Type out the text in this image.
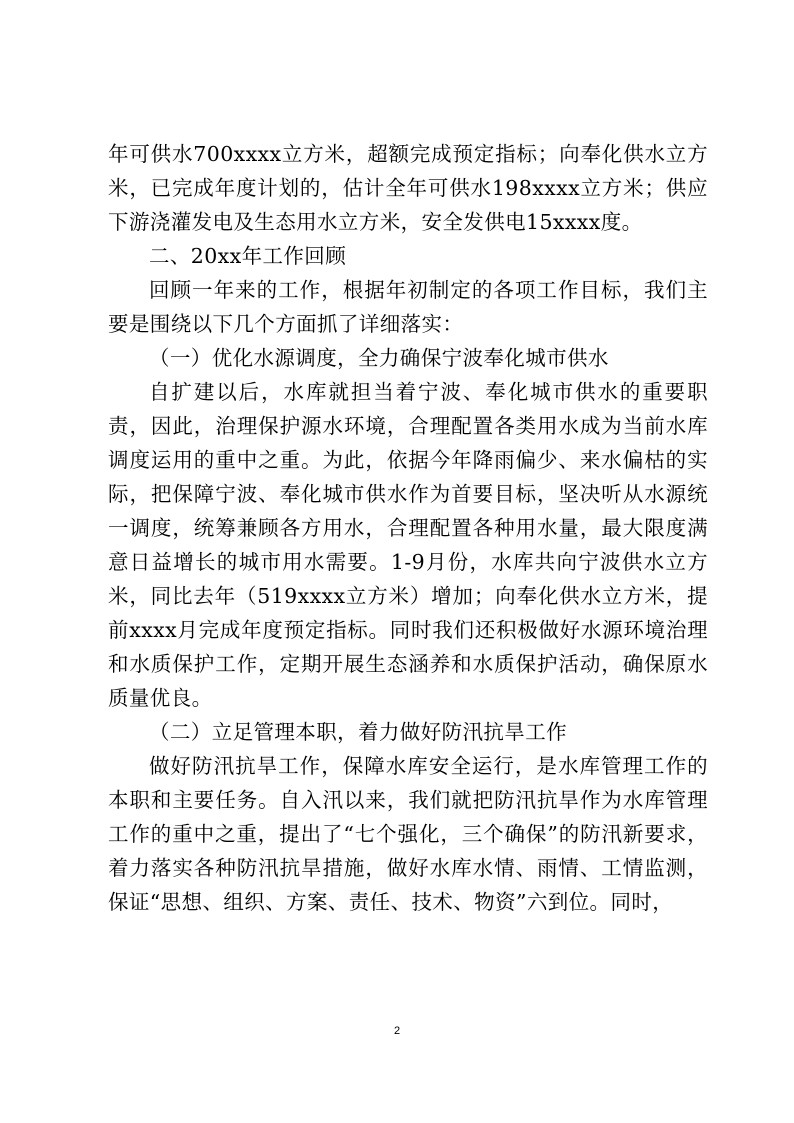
年可供水700xxxx立方米，超额完成预定指标；向奉化供水立方米，已完成年度计划的，估计全年可供水198xxxx立方米；供应下游浇灌发电及生态用水立方米，安全发供电15xxxx度。

二、20xx年工作回顾

回顾一年来的工作，根据年初制定的各项工作目标，我们主要是围绕以下几个方面抓了详细落实：

（一）优化水源调度，全力确保宁波奉化城市供水

自扩建以后，水库就担当着宁波、奉化城市供水的重要职责，因此，治理保护源水环境，合理配置各类用水成为当前水库调度运用的重中之重。为此，依据今年降雨偏少、来水偏枯的实际，把保障宁波、奉化城市供水作为首要目标，坚决听从水源统一调度，统筹兼顾各方用水，合理配置各种用水量，最大限度满意日益增长的城市用水需要。1-9月份，水库共向宁波供水立方米，同比去年（519xxxx立方米）增加；向奉化供水立方米，提前xxxx月完成年度预定指标。同时我们还积极做好水源环境治理和水质保护工作，定期开展生态涵养和水质保护活动，确保原水质量优良。

（二）立足管理本职，着力做好防汛抗旱工作

做好防汛抗旱工作，保障水库安全运行，是水库管理工作的本职和主要任务。自入汛以来，我们就把防汛抗旱作为水库管理工作的重中之重，提出了“七个强化，三个确保”的防汛新要求，着力落实各种防汛抗旱措施，做好水库水情、雨情、工情监测，保证“思想、组织、方案、责任、技术、物资”六到位。同时，

2
